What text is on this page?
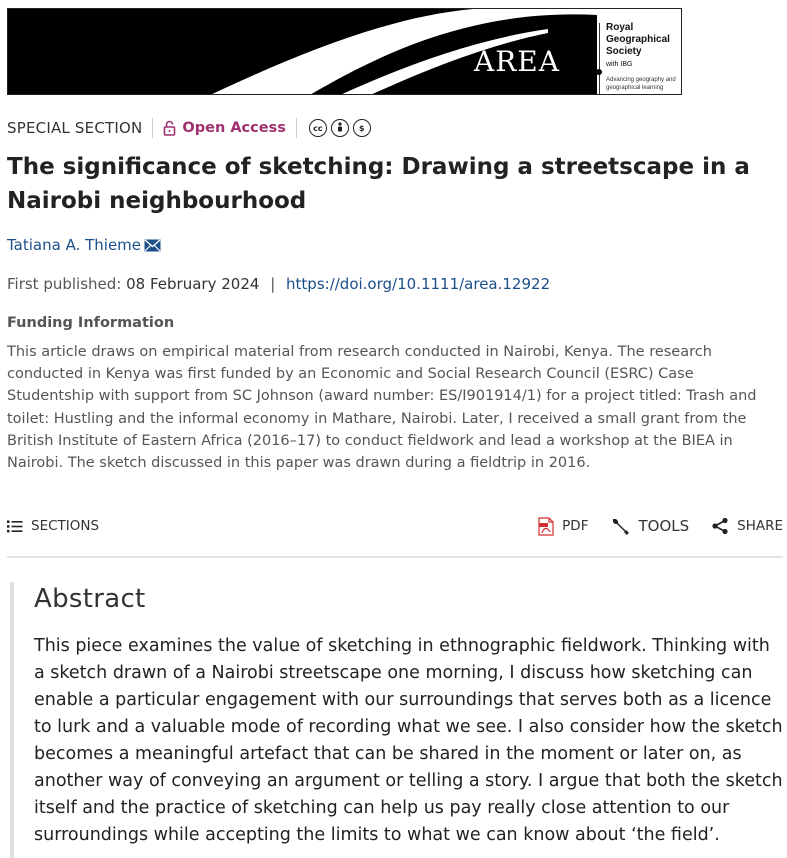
AREA
Royal Geographical Society
with IBG
Advancing geography and geographical learning
SPECIAL SECTION	Open Access	cc	$
The significance of sketching: Drawing a streetscape in a Nairobi neighbourhood
Tatiana A. Thieme
First published: 08 February 2024 | https://doi.org/10.1111/area.12922
Funding Information
This article draws on empirical material from research conducted in Nairobi, Kenya. The research conducted in Kenya was first funded by an Economic and Social Research Council (ESRC) Case Studentship with support from SC Johnson (award number: ES/I901914/1) for a project titled: Trash and toilet: Hustling and the informal economy in Mathare, Nairobi. Later, I received a small grant from the British Institute of Eastern Africa (2016–17) to conduct fieldwork and lead a workshop at the BIEA in Nairobi. The sketch discussed in this paper was drawn during a fieldtrip in 2016.
SECTIONS	PDF	TOOLS	SHARE
Abstract

This piece examines the value of sketching in ethnographic fieldwork. Thinking with a sketch drawn of a Nairobi streetscape one morning, I discuss how sketching can enable a particular engagement with our surroundings that serves both as a licence to lurk and a valuable mode of recording what we see. I also consider how the sketch becomes a meaningful artefact that can be shared in the moment or later on, as another way of conveying an argument or telling a story. I argue that both the sketch itself and the practice of sketching can help us pay really close attention to our surroundings while accepting the limits to what we can know about ‘the field’.
